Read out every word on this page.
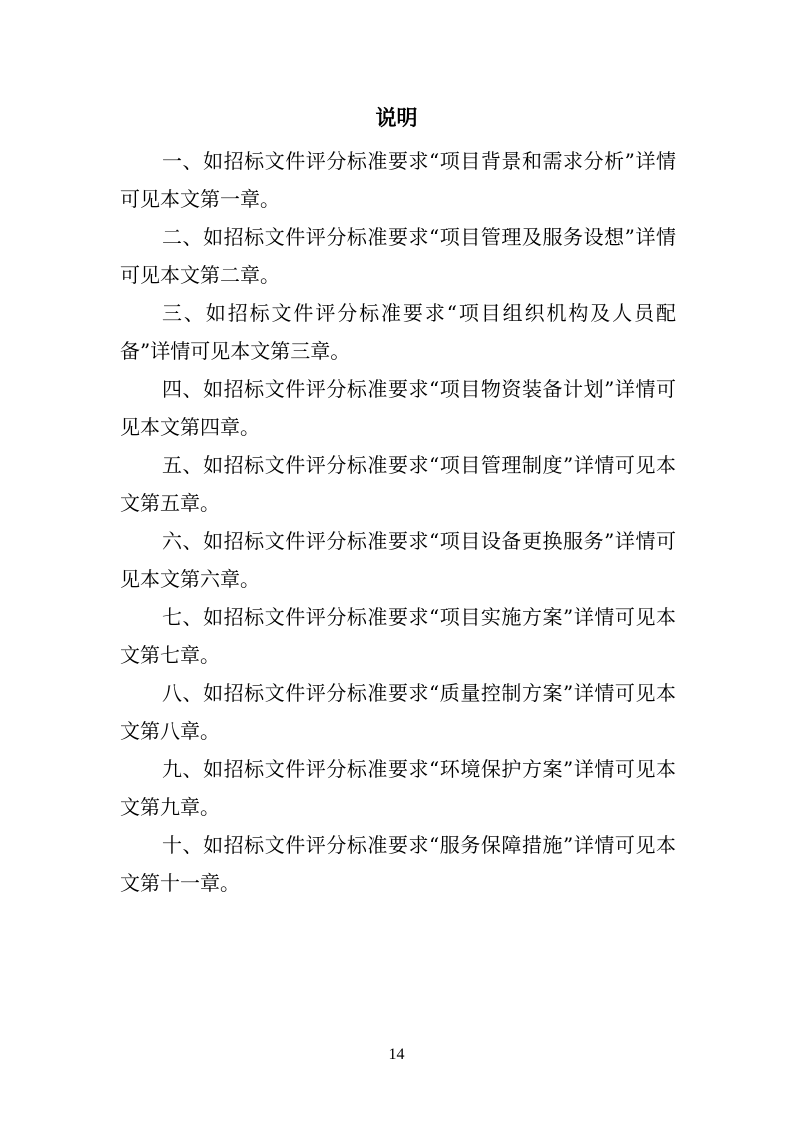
说明

一、如招标文件评分标准要求“项目背景和需求分析”详情可见本文第一章。

二、如招标文件评分标准要求“项目管理及服务设想”详情可见本文第二章。

三、如招标文件评分标准要求“项目组织机构及人员配备”详情可见本文第三章。

四、如招标文件评分标准要求“项目物资装备计划”详情可见本文第四章。

五、如招标文件评分标准要求“项目管理制度”详情可见本文第五章。

六、如招标文件评分标准要求“项目设备更换服务”详情可见本文第六章。

七、如招标文件评分标准要求“项目实施方案”详情可见本文第七章。

八、如招标文件评分标准要求“质量控制方案”详情可见本文第八章。

九、如招标文件评分标准要求“环境保护方案”详情可见本文第九章。

十、如招标文件评分标准要求“服务保障措施”详情可见本文第十一章。

14
